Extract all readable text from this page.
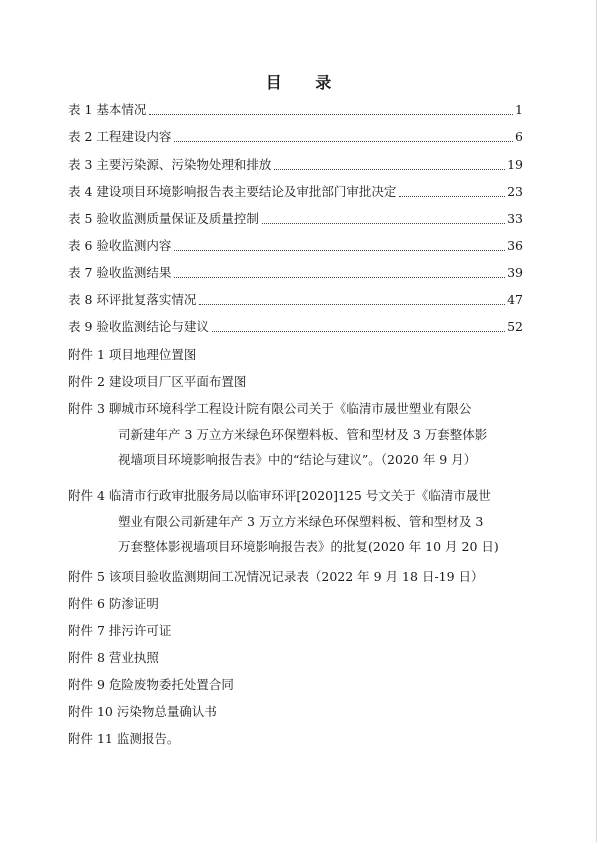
目 录
表 1 基本情况	1
表 2 工程建设内容	6
表 3 主要污染源、污染物处理和排放	19
表 4 建设项目环境影响报告表主要结论及审批部门审批决定	23
表 5 验收监测质量保证及质量控制	33
表 6 验收监测内容	36
表 7 验收监测结果	39
表 8 环评批复落实情况	47
表 9 验收监测结论与建议	52
附件 1 项目地理位置图
附件 2 建设项目厂区平面布置图
附件 3 聊城市环境科学工程设计院有限公司关于《临清市晟世塑业有限公
司新建年产 3 万立方米绿色环保塑料板、管和型材及 3 万套整体影
视墙项目环境影响报告表》中的“结论与建议”。（2020 年 9 月）
附件 4 临清市行政审批服务局以临审环评[2020]125 号文关于《临清市晟世
塑业有限公司新建年产 3 万立方米绿色环保塑料板、管和型材及 3
万套整体影视墙项目环境影响报告表》的批复(2020 年 10 月 20 日)
附件 5 该项目验收监测期间工况情况记录表（2022 年 9 月 18 日-19 日）
附件 6 防渗证明
附件 7 排污许可证
附件 8 营业执照
附件 9 危险废物委托处置合同
附件 10 污染物总量确认书
附件 11 监测报告。
